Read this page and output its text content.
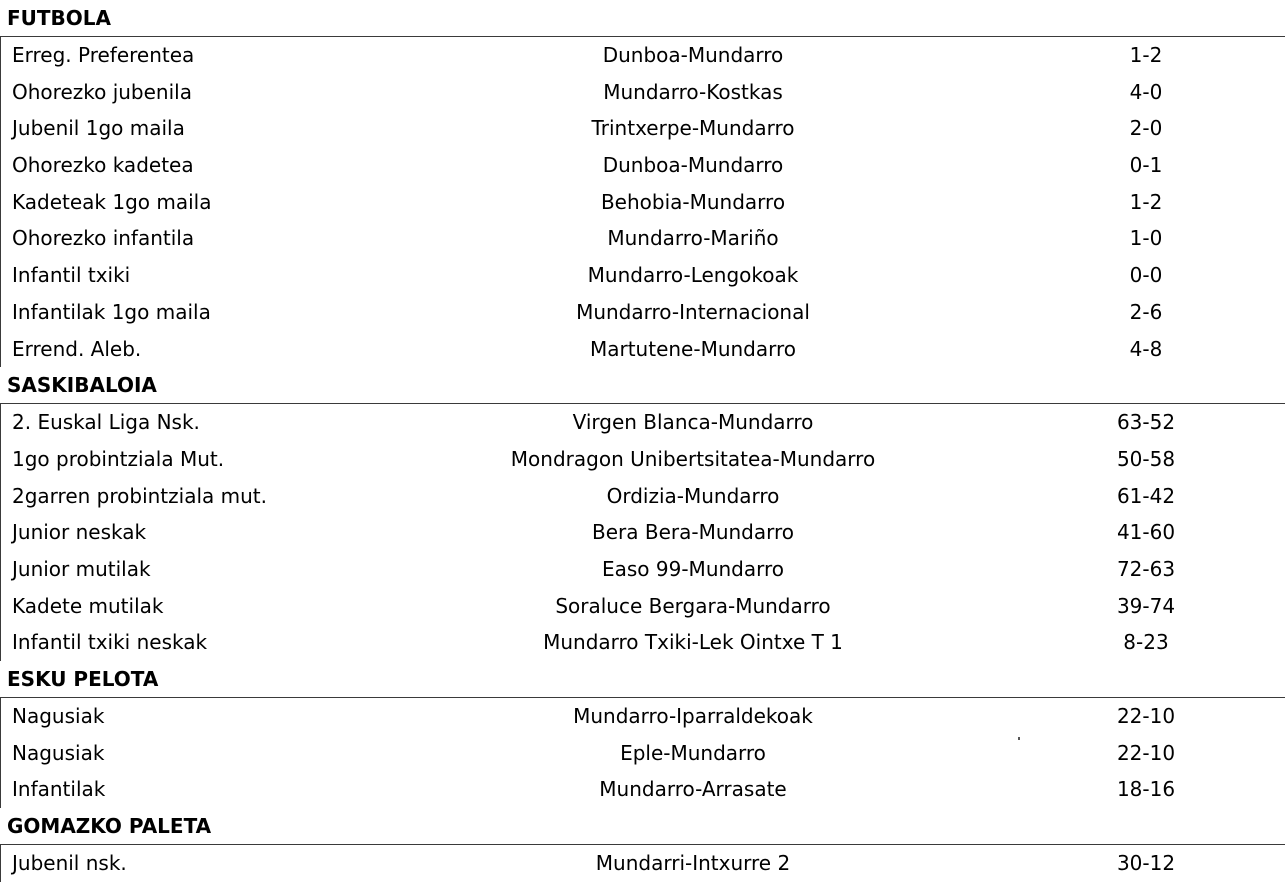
FUTBOLA
Erreg. Preferentea	Dunboa-Mundarro	1-2
Ohorezko jubenila	Mundarro-Kostkas	4-0
Jubenil 1go maila	Trintxerpe-Mundarro	2-0
Ohorezko kadetea	Dunboa-Mundarro	0-1
Kadeteak 1go maila	Behobia-Mundarro	1-2
Ohorezko infantila	Mundarro-Mariño	1-0
Infantil txiki	Mundarro-Lengokoak	0-0
Infantilak 1go maila	Mundarro-Internacional	2-6
Errend. Aleb.	Martutene-Mundarro	4-8
SASKIBALOIA
2. Euskal Liga Nsk.	Virgen Blanca-Mundarro	63-52
1go probintziala Mut.	Mondragon Unibertsitatea-Mundarro	50-58
2garren probintziala mut.	Ordizia-Mundarro	61-42
Junior neskak	Bera Bera-Mundarro	41-60
Junior mutilak	Easo 99-Mundarro	72-63
Kadete mutilak	Soraluce Bergara-Mundarro	39-74
Infantil txiki neskak	Mundarro Txiki-Lek Ointxe T 1	8-23
ESKU PELOTA
Nagusiak	Mundarro-Iparraldekoak	22-10
Nagusiak	Eple-Mundarro	22-10
Infantilak	Mundarro-Arrasate	18-16
GOMAZKO PALETA
Jubenil nsk.	Mundarri-Intxurre 2	30-12
